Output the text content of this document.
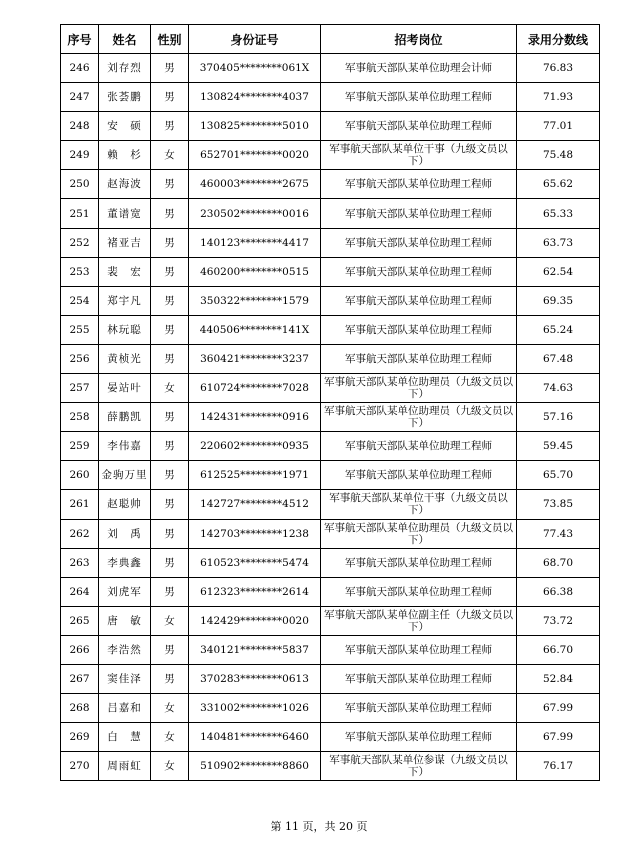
序号	姓名	性别	身份证号	招考岗位	录用分数线
246	刘存烈	男	370405********061X	军事航天部队某单位助理会计师	76.83
247	张荟鹏	男	130824********4037	军事航天部队某单位助理工程师	71.93
248	安　硕	男	130825********5010	军事航天部队某单位助理工程师	77.01
249	赖　杉	女	652701********0020	军事航天部队某单位干事（九级文员以下）	75.48
250	赵海波	男	460003********2675	军事航天部队某单位助理工程师	65.62
251	董谱宽	男	230502********0016	军事航天部队某单位助理工程师	65.33
252	褚亚吉	男	140123********4417	军事航天部队某单位助理工程师	63.73
253	裴　宏	男	460200********0515	军事航天部队某单位助理工程师	62.54
254	郑宇凡	男	350322********1579	军事航天部队某单位助理工程师	69.35
255	林玩聪	男	440506********141X	军事航天部队某单位助理工程师	65.24
256	黄桢光	男	360421********3237	军事航天部队某单位助理工程师	67.48
257	晏站叶	女	610724********7028	军事航天部队某单位助理员（九级文员以下）	74.63
258	薛鹏凯	男	142431********0916	军事航天部队某单位助理员（九级文员以下）	57.16
259	李伟嘉	男	220602********0935	军事航天部队某单位助理工程师	59.45
260	金驹万里	男	612525********1971	军事航天部队某单位助理工程师	65.70
261	赵聪帅	男	142727********4512	军事航天部队某单位干事（九级文员以下）	73.85
262	刘　禹	男	142703********1238	军事航天部队某单位助理员（九级文员以下）	77.43
263	李典鑫	男	610523********5474	军事航天部队某单位助理工程师	68.70
264	刘虎军	男	612323********2614	军事航天部队某单位助理工程师	66.38
265	唐　敏	女	142429********0020	军事航天部队某单位副主任（九级文员以下）	73.72
266	李浩然	男	340121********5837	军事航天部队某单位助理工程师	66.70
267	窦佳泽	男	370283********0613	军事航天部队某单位助理工程师	52.84
268	吕嘉和	女	331002********1026	军事航天部队某单位助理工程师	67.99
269	白　慧	女	140481********6460	军事航天部队某单位助理工程师	67.99
270	周雨虹	女	510902********8860	军事航天部队某单位参谋（九级文员以下）	76.17
第 11 页，共 20 页
